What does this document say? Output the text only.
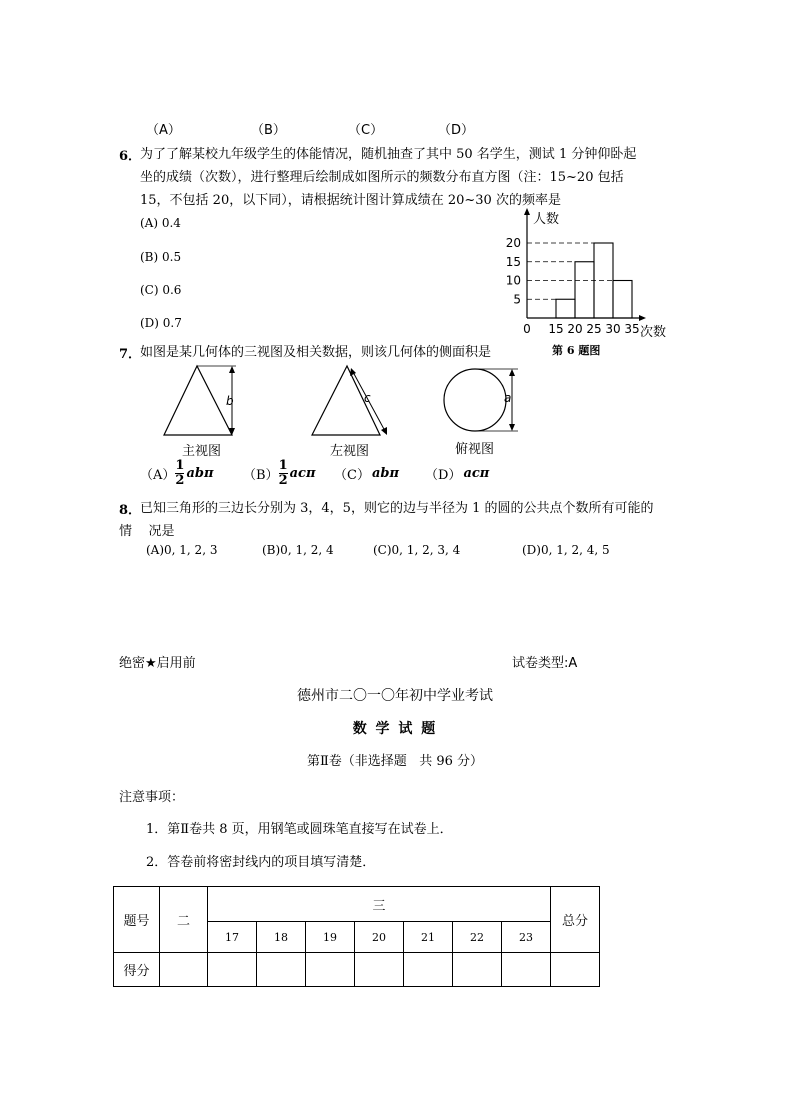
（A）	（B）	（C）	（D）
6．
为了了解某校九年级学生的体能情况，随机抽查了其中 50 名学生，测试 1 分钟仰卧起
坐的成绩（次数），进行整理后绘制成如图所示的频数分布直方图（注：15~20 包括
15，不包括 20，以下同），请根据统计图计算成绩在 20~30 次的频率是
(A) 0.4
(B) 0.5
(C) 0.6
(D) 0.7
5
10
15
20
0 15 20 25 30 35
人数
次数
第 6 题图
7．
如图是某几何体的三视图及相关数据，则该几何体的侧面积是
b	c	a
主视图	左视图	俯视图
$(A) \frac{1}{2}$ abπ $(B) \frac{1}{2}$ acπ （C） abπ （D） acπ
8．
已知三角形的三边长分别为 3，4，5，则它的边与半径为 1 的圆的公共点个数所有可能的
情    况是
(A)0, 1, 2, 3	(B)0, 1, 2, 4	(C)0, 1, 2, 3, 4	(D)0, 1, 2, 4, 5
绝密★启用前	试卷类型:A
德州市二〇一〇年初中学业考试
数 学 试 题
第Ⅱ卷（非选择题   共 96 分）
注意事项：
1．第Ⅱ卷共 8 页，用钢笔或圆珠笔直接写在试卷上．
2．答卷前将密封线内的项目填写清楚．
题号	二	三							总分
		17	18	19	20	21	22	23	
得分									
